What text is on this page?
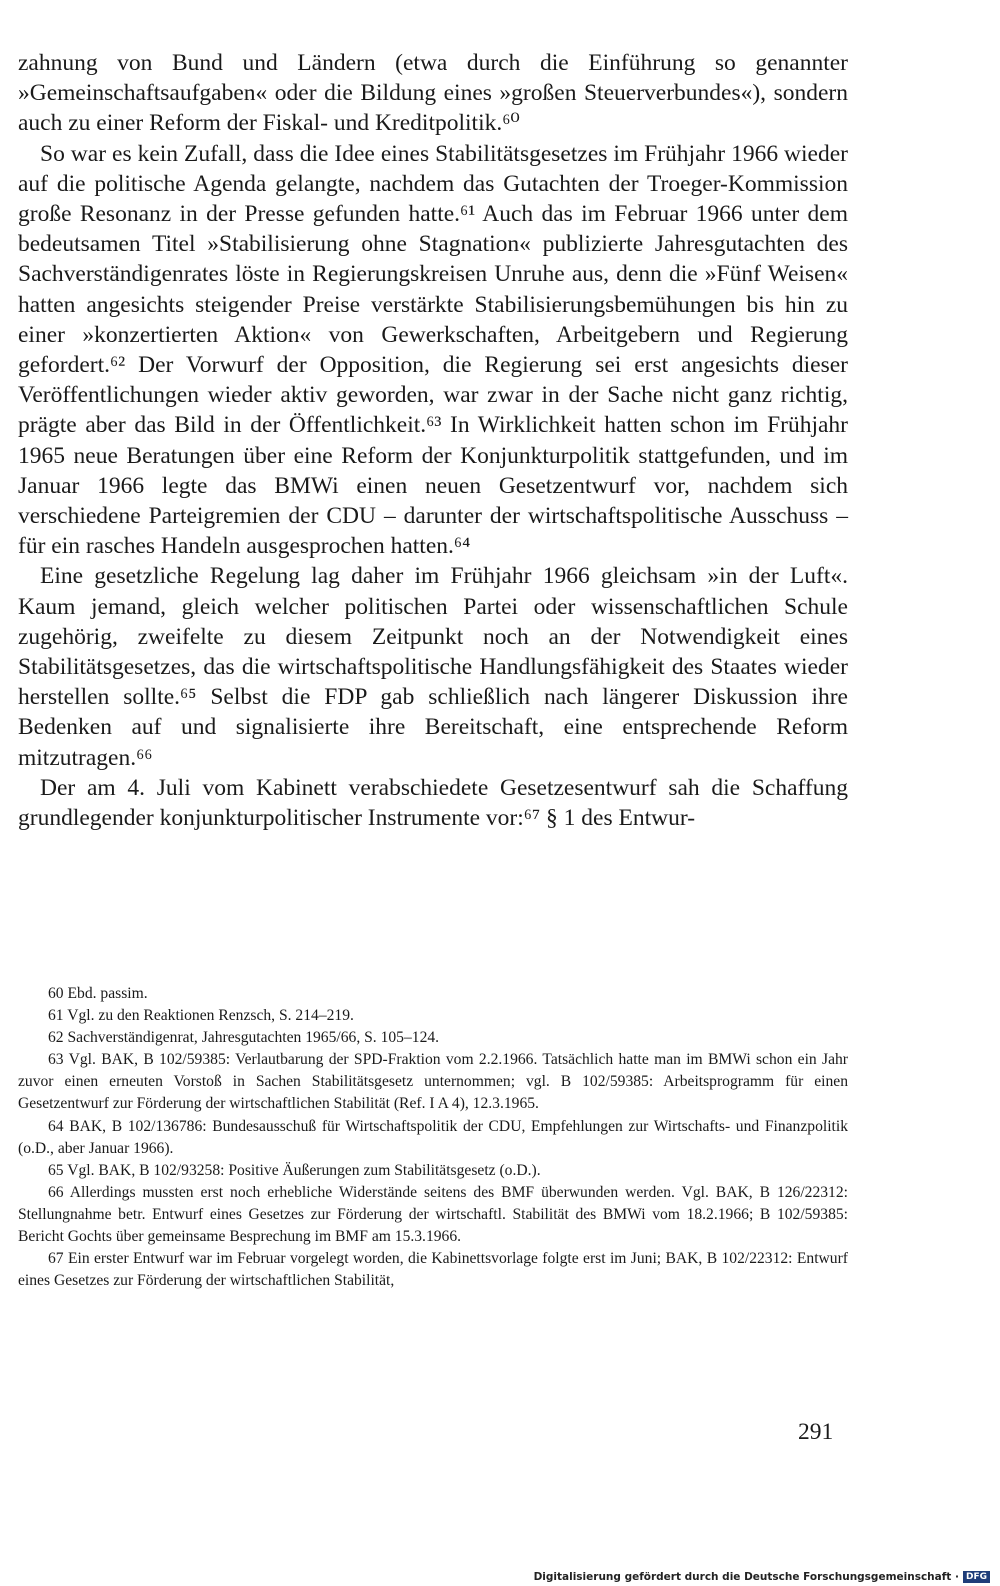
zahnung von Bund und Ländern (etwa durch die Einführung so genannter »Gemeinschaftsaufgaben« oder die Bildung eines »großen Steuerverbundes«), sondern auch zu einer Reform der Fiskal- und Kreditpolitik.⁶⁰

So war es kein Zufall, dass die Idee eines Stabilitätsgesetzes im Frühjahr 1966 wieder auf die politische Agenda gelangte, nachdem das Gutachten der Troeger-Kommission große Resonanz in der Presse gefunden hatte.⁶¹ Auch das im Februar 1966 unter dem bedeutsamen Titel »Stabilisierung ohne Stagnation« publizierte Jahresgutachten des Sachverständigenrates löste in Regierungskreisen Unruhe aus, denn die »Fünf Weisen« hatten angesichts steigender Preise verstärkte Stabilisierungsbemühungen bis hin zu einer »konzertierten Aktion« von Gewerkschaften, Arbeitgebern und Regierung gefordert.⁶² Der Vorwurf der Opposition, die Regierung sei erst angesichts dieser Veröffentlichungen wieder aktiv geworden, war zwar in der Sache nicht ganz richtig, prägte aber das Bild in der Öffentlichkeit.⁶³ In Wirklichkeit hatten schon im Frühjahr 1965 neue Beratungen über eine Reform der Konjunkturpolitik stattgefunden, und im Januar 1966 legte das BMWi einen neuen Gesetzentwurf vor, nachdem sich verschiedene Parteigremien der CDU – darunter der wirtschaftspolitische Ausschuss – für ein rasches Handeln ausgesprochen hatten.⁶⁴

Eine gesetzliche Regelung lag daher im Frühjahr 1966 gleichsam »in der Luft«. Kaum jemand, gleich welcher politischen Partei oder wissenschaftlichen Schule zugehörig, zweifelte zu diesem Zeitpunkt noch an der Notwendigkeit eines Stabilitätsgesetzes, das die wirtschaftspolitische Handlungsfähigkeit des Staates wieder herstellen sollte.⁶⁵ Selbst die FDP gab schließlich nach längerer Diskussion ihre Bedenken auf und signalisierte ihre Bereitschaft, eine entsprechende Reform mitzutragen.⁶⁶

Der am 4. Juli vom Kabinett verabschiedete Gesetzesentwurf sah die Schaffung grundlegender konjunkturpolitischer Instrumente vor:⁶⁷ § 1 des Entwur-

60 Ebd. passim.

61 Vgl. zu den Reaktionen Renzsch, S. 214–219.

62 Sachverständigenrat, Jahresgutachten 1965/66, S. 105–124.

63 Vgl. BAK, B 102/59385: Verlautbarung der SPD-Fraktion vom 2.2.1966. Tatsächlich hatte man im BMWi schon ein Jahr zuvor einen erneuten Vorstoß in Sachen Stabilitätsgesetz unternommen; vgl. B 102/59385: Arbeitsprogramm für einen Gesetzentwurf zur Förderung der wirtschaftlichen Stabilität (Ref. I A 4), 12.3.1965.

64 BAK, B 102/136786: Bundesausschuß für Wirtschaftspolitik der CDU, Empfehlungen zur Wirtschafts- und Finanzpolitik (o.D., aber Januar 1966).

65 Vgl. BAK, B 102/93258: Positive Äußerungen zum Stabilitätsgesetz (o.D.).

66 Allerdings mussten erst noch erhebliche Widerstände seitens des BMF überwunden werden. Vgl. BAK, B 126/22312: Stellungnahme betr. Entwurf eines Gesetzes zur Förderung der wirtschaftl. Stabilität des BMWi vom 18.2.1966; B 102/59385: Bericht Gochts über gemeinsame Besprechung im BMF am 15.3.1966.

67 Ein erster Entwurf war im Februar vorgelegt worden, die Kabinettsvorlage folgte erst im Juni; BAK, B 102/22312: Entwurf eines Gesetzes zur Förderung der wirtschaftlichen Stabilität,

291
Digitalisierung gefördert durch die Deutsche Forschungsgemeinschaft · DFG
